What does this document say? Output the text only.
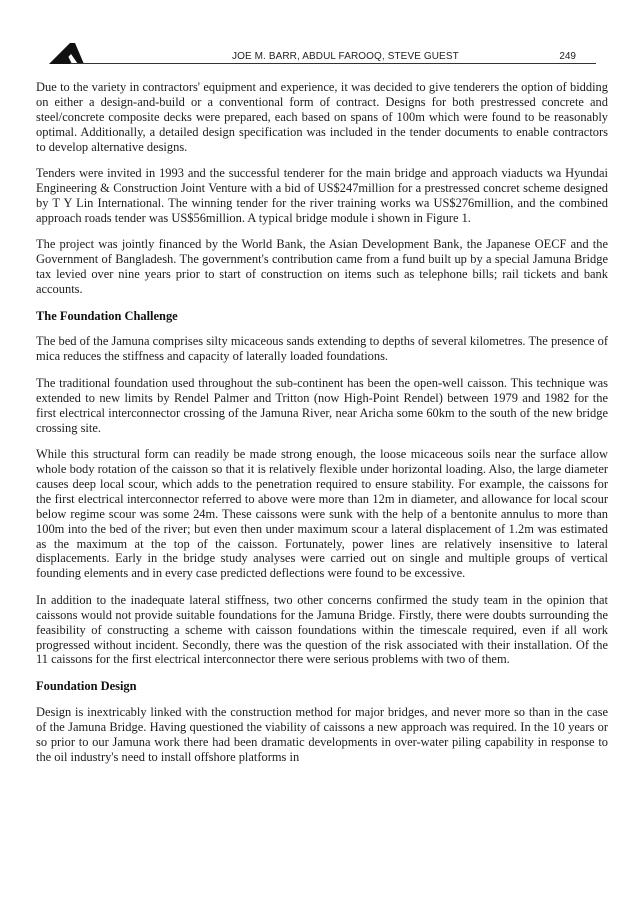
JOE M. BARR, ABDUL FAROOQ, STEVE GUEST	249

Due to the variety in contractors' equipment and experience, it was decided to give tenderers the option of bidding on either a design-and-build or a conventional form of contract. Designs for both prestressed concrete and steel/concrete composite decks were prepared, each based on spans of 100m which were found to be reasonably optimal. Additionally, a detailed design specification was included in the tender documents to enable contractors to develop alternative designs.

Tenders were invited in 1993 and the successful tenderer for the main bridge and approach viaducts wa Hyundai Engineering & Construction Joint Venture with a bid of US$247million for a prestressed concret scheme designed by T Y Lin International. The winning tender for the river training works wa US$276million, and the combined approach roads tender was US$56million. A typical bridge module i shown in Figure 1.

The project was jointly financed by the World Bank, the Asian Development Bank, the Japanese OECF and the Government of Bangladesh. The government's contribution came from a fund built up by a special Jamuna Bridge tax levied over nine years prior to start of construction on items such as telephone bills; rail tickets and bank accounts.

The Foundation Challenge

The bed of the Jamuna comprises silty micaceous sands extending to depths of several kilometres. The presence of mica reduces the stiffness and capacity of laterally loaded foundations.

The traditional foundation used throughout the sub-continent has been the open-well caisson. This technique was extended to new limits by Rendel Palmer and Tritton (now High-Point Rendel) between 1979 and 1982 for the first electrical interconnector crossing of the Jamuna River, near Aricha some 60km to the south of the new bridge crossing site.

While this structural form can readily be made strong enough, the loose micaceous soils near the surface allow whole body rotation of the caisson so that it is relatively flexible under horizontal loading. Also, the large diameter causes deep local scour, which adds to the penetration required to ensure stability. For example, the caissons for the first electrical interconnector referred to above were more than 12m in diameter, and allowance for local scour below regime scour was some 24m. These caissons were sunk with the help of a bentonite annulus to more than 100m into the bed of the river; but even then under maximum scour a lateral displacement of 1.2m was estimated as the maximum at the top of the caisson. Fortunately, power lines are relatively insensitive to lateral displacements. Early in the bridge study analyses were carried out on single and multiple groups of vertical founding elements and in every case predicted deflections were found to be excessive.

In addition to the inadequate lateral stiffness, two other concerns confirmed the study team in the opinion that caissons would not provide suitable foundations for the Jamuna Bridge. Firstly, there were doubts surrounding the feasibility of constructing a scheme with caisson foundations within the timescale required, even if all work progressed without incident. Secondly, there was the question of the risk associated with their installation. Of the 11 caissons for the first electrical interconnector there were serious problems with two of them.

Foundation Design

Design is inextricably linked with the construction method for major bridges, and never more so than in the case of the Jamuna Bridge. Having questioned the viability of caissons a new approach was required. In the 10 years or so prior to our Jamuna work there had been dramatic developments in over-water piling capability in response to the oil industry's need to install offshore platforms in
